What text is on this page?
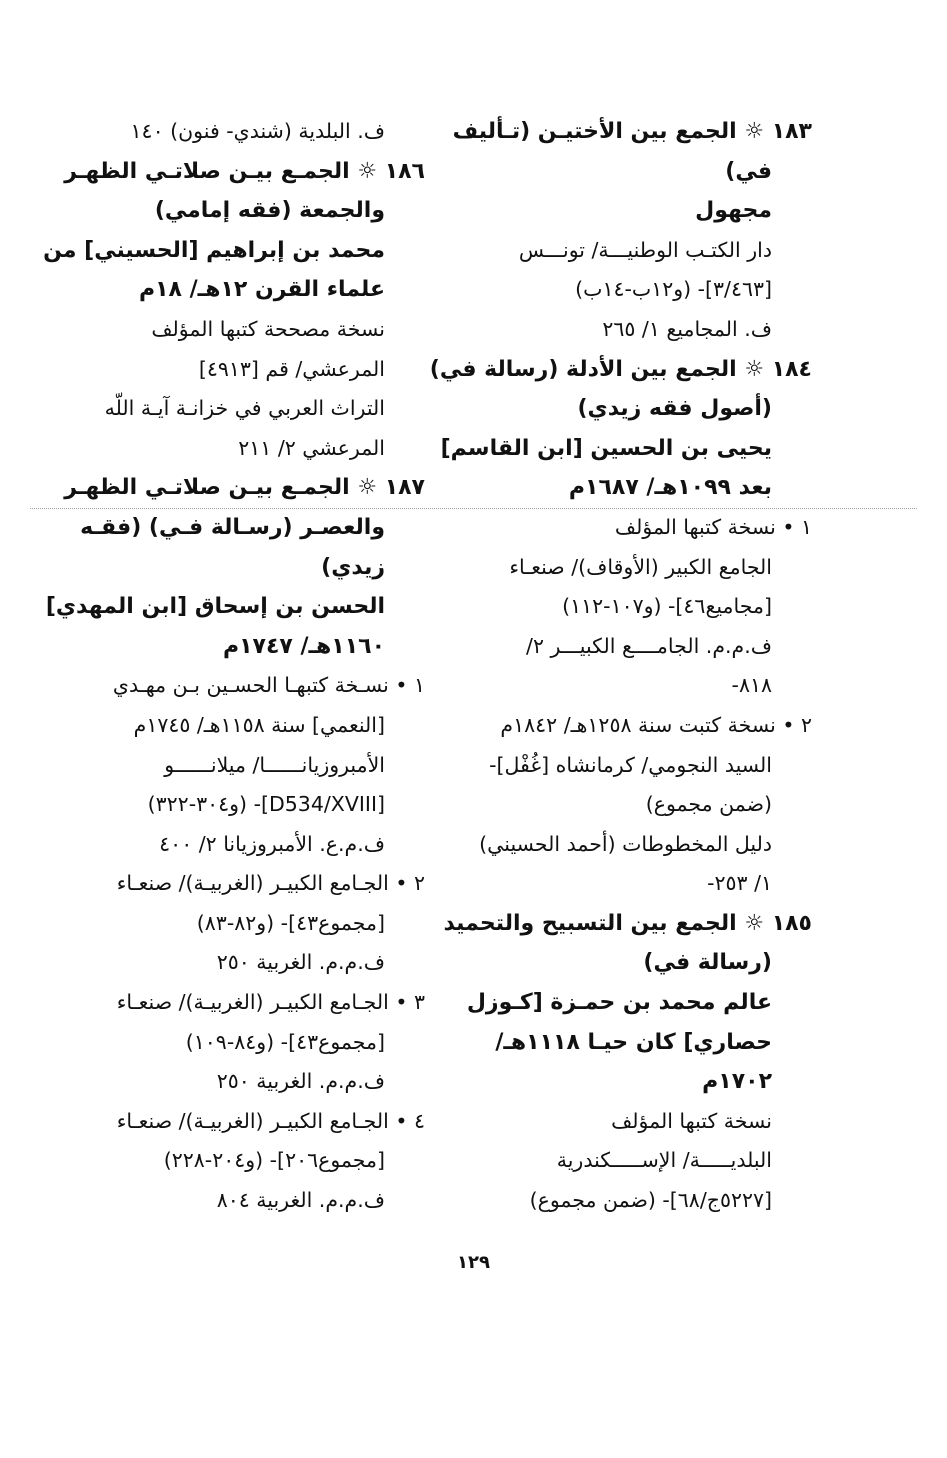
١٨٣ ☼ الجمع بين الأختيـن (تـأليف
في)
مجهول
دار الكتـب الوطنيـــة/ تونـــس
[٣/٤٦٣]- (و١٢ب-١٤ب)
ف. المجاميع ١/ ٢٦٥
١٨٤ ☼ الجمع بين الأدلة (رسالة في)
(أصول فقه زيدي)
يحيى بن الحسين [ابن القاسم]
بعد ١٠٩٩هـ/ ١٦٨٧م
١ • نسخة كتبها المؤلف
الجامع الكبير (الأوقاف)/ صنعـاء
[مجاميع٤٦]- (و١٠٧-١١٢)
ف.م.م. الجامــــع الكبيـــر ٢/
٨١٨-
٢ • نسخة كتبت سنة ١٢٥٨هـ/ ١٨٤٢م
السيد النجومي/ كرمانشاه [غُفْل]-
(ضمن مجموع)
دليل المخطوطات (أحمد الحسيني)
١/ ٢٥٣-
١٨٥ ☼ الجمع بين التسبيح والتحميد
(رسالة في)
عالم محمد بن حمـزة [كـوزل
حصاري] كان حيـا ١١١٨هـ/
١٧٠٢م
نسخة كتبها المؤلف
البلديـــــة/ الإســـــكندرية
[٥٢٢٧ج/٦٨]- (ضمن مجموع)
ف. البلدية (شندي- فنون) ١٤٠
١٨٦ ☼ الجمـع بيـن صلاتـي الظهـر
والجمعة (فقه إمامي)
محمد بن إبراهيم [الحسيني] من
علماء القرن ١٢هـ/ ١٨م
نسخة مصححة كتبها المؤلف
المرعشي/ قم [٤٩١٣]
التراث العربي في خزانـة آيـة اللّه
المرعشي ٢/ ٢١١
١٨٧ ☼ الجمـع بيـن صلاتـي الظهـر
والعصـر (رسـالة فـي) (فقـه
زيدي)
الحسن بن إسحاق [ابن المهدي]
١١٦٠هـ/ ١٧٤٧م
١ • نسـخة كتبهـا الحسـين بـن مهـدي
[النعمي] سنة ١١٥٨هـ/ ١٧٤٥م
الأمبروزيانــــــا/ ميلانــــــو
[D534/XVIII]- (و٣٠٤-٣٢٢)
ف.م.ع. الأمبروزيانا ٢/ ٤٠٠
٢ • الجـامع الكبيـر (الغربيـة)/ صنعـاء
[مجموع٤٣]- (و٨٢-٨٣)
ف.م.م. الغربية ٢٥٠
٣ • الجـامع الكبيـر (الغربيـة)/ صنعـاء
[مجموع٤٣]- (و٨٤-١٠٩)
ف.م.م. الغربية ٢٥٠
٤ • الجـامع الكبيـر (الغربيـة)/ صنعـاء
[مجموع٢٠٦]- (و٢٠٤-٢٢٨)
ف.م.م. الغربية ٨٠٤
١٢٩
